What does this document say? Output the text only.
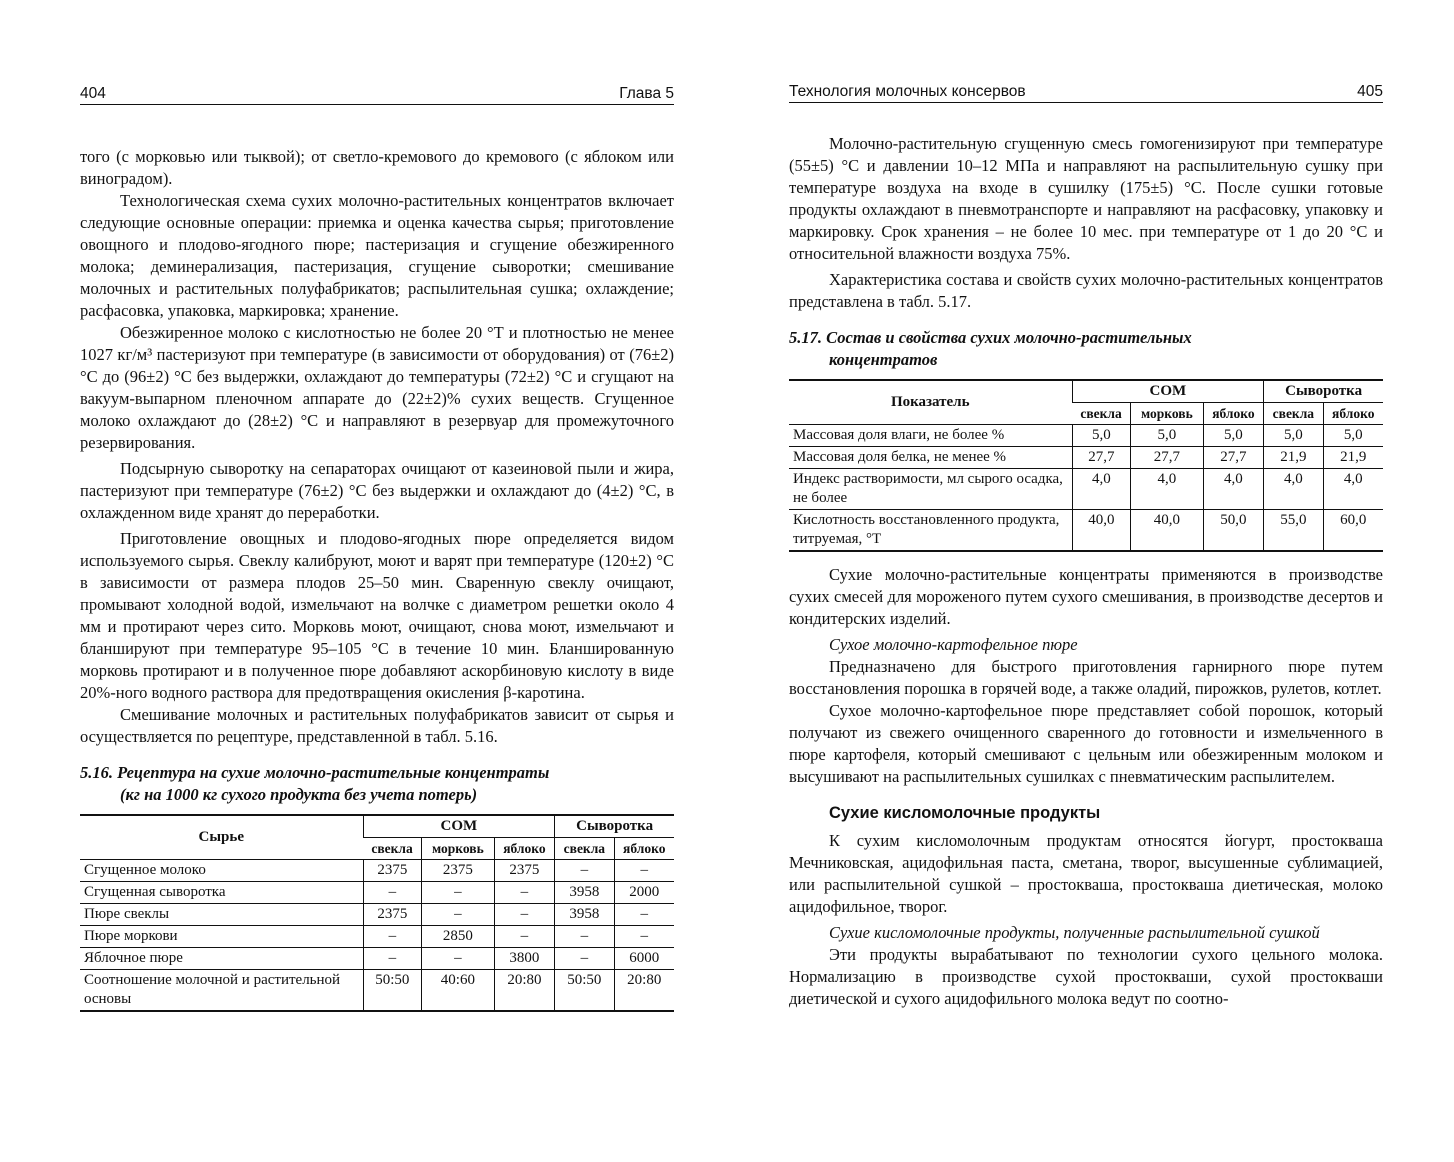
404	Глава 5

того (с морковью или тыквой); от светло-кремового до кремового (с яблоком или виноградом).

Технологическая схема сухих молочно-растительных концентратов включает следующие основные операции: приемка и оценка качества сырья; приготовление овощного и плодово-ягодного пюре; пастеризация и сгущение обезжиренного молока; деминерализация, пастеризация, сгущение сыворотки; смешивание молочных и растительных полуфабрикатов; распылительная сушка; охлаждение; расфасовка, упаковка, маркировка; хранение.

Обезжиренное молоко с кислотностью не более 20 °Т и плотностью не менее 1027 кг/м³ пастеризуют при температуре (в зависимости от оборудования) от (76±2) °С до (96±2) °С без выдержки, охлаждают до температуры (72±2) °С и сгущают на вакуум-выпарном пленочном аппарате до (22±2)% сухих веществ. Сгущенное молоко охлаждают до (28±2) °С и направляют в резервуар для промежуточного резервирования.

Подсырную сыворотку на сепараторах очищают от казеиновой пыли и жира, пастеризуют при температуре (76±2) °С без выдержки и охлаждают до (4±2) °С, в охлажденном виде хранят до переработки.

Приготовление овощных и плодово-ягодных пюре определяется видом используемого сырья. Свеклу калибруют, моют и варят при температуре (120±2) °С в зависимости от размера плодов 25–50 мин. Сваренную свеклу очищают, промывают холодной водой, измельчают на волчке с диаметром решетки около 4 мм и протирают через сито. Морковь моют, очищают, снова моют, измельчают и бланшируют при температуре 95–105 °С в течение 10 мин. Бланшированную морковь протирают и в полученное пюре добавляют аскорбиновую кислоту в виде 20%-ного водного раствора для предотвращения окисления β-каротина.

Смешивание молочных и растительных полуфабрикатов зависит от сырья и осуществляется по рецептуре, представленной в табл. 5.16.

5.16. Рецептура на сухие молочно-растительные концентраты
(кг на 1000 кг сухого продукта без учета потерь)
Сырье	СОМ			Сыворотка	
	свекла	морковь	яблоко	свекла	яблоко
Сгущенное молоко	2375	2375	2375	–	–
Сгущенная сыворотка	–	–	–	3958	2000
Пюре свеклы	2375	–	–	3958	–
Пюре моркови	–	2850	–	–	–
Яблочное пюре	–	–	3800	–	6000
Соотношение молочной и растительной основы	50:50	40:60	20:80	50:50	20:80
Технология молочных консервов	405

Молочно-растительную сгущенную смесь гомогенизируют при температуре (55±5) °С и давлении 10–12 МПа и направляют на распылительную сушку при температуре воздуха на входе в сушилку (175±5) °С. После сушки готовые продукты охлаждают в пневмотранспорте и направляют на расфасовку, упаковку и маркировку. Срок хранения – не более 10 мес. при температуре от 1 до 20 °С и относительной влажности воздуха 75%.

Характеристика состава и свойств сухих молочно-растительных концентратов представлена в табл. 5.17.

5.17. Состав и свойства сухих молочно-растительных
концентратов
Показатель	СОМ			Сыворотка	
	свекла	морковь	яблоко	свекла	яблоко
Массовая доля влаги, не более %	5,0	5,0	5,0	5,0	5,0
Массовая доля белка, не менее %	27,7	27,7	27,7	21,9	21,9
Индекс растворимости, мл сырого осадка, не более	4,0	4,0	4,0	4,0	4,0
Кислотность восстановленного продукта, титруемая, °Т	40,0	40,0	50,0	55,0	60,0

Сухие молочно-растительные концентраты применяются в производстве сухих смесей для мороженого путем сухого смешивания, в производстве десертов и кондитерских изделий.

Сухое молочно-картофельное пюре

Предназначено для быстрого приготовления гарнирного пюре путем восстановления порошка в горячей воде, а также оладий, пирожков, рулетов, котлет.

Сухое молочно-картофельное пюре представляет собой порошок, который получают из свежего очищенного сваренного до готовности и измельченного в пюре картофеля, который смешивают с цельным или обезжиренным молоком и высушивают на распылительных сушилках с пневматическим распылителем.

Сухие кисломолочные продукты

К сухим кисломолочным продуктам относятся йогурт, простокваша Мечниковская, ацидофильная паста, сметана, творог, высушенные сублимацией, или распылительной сушкой – простокваша, простокваша диетическая, молоко ацидофильное, творог.

Сухие кисломолочные продукты, полученные распылительной сушкой

Эти продукты вырабатывают по технологии сухого цельного молока. Нормализацию в производстве сухой простокваши, сухой простокваши диетической и сухого ацидофильного молока ведут по соотно-
